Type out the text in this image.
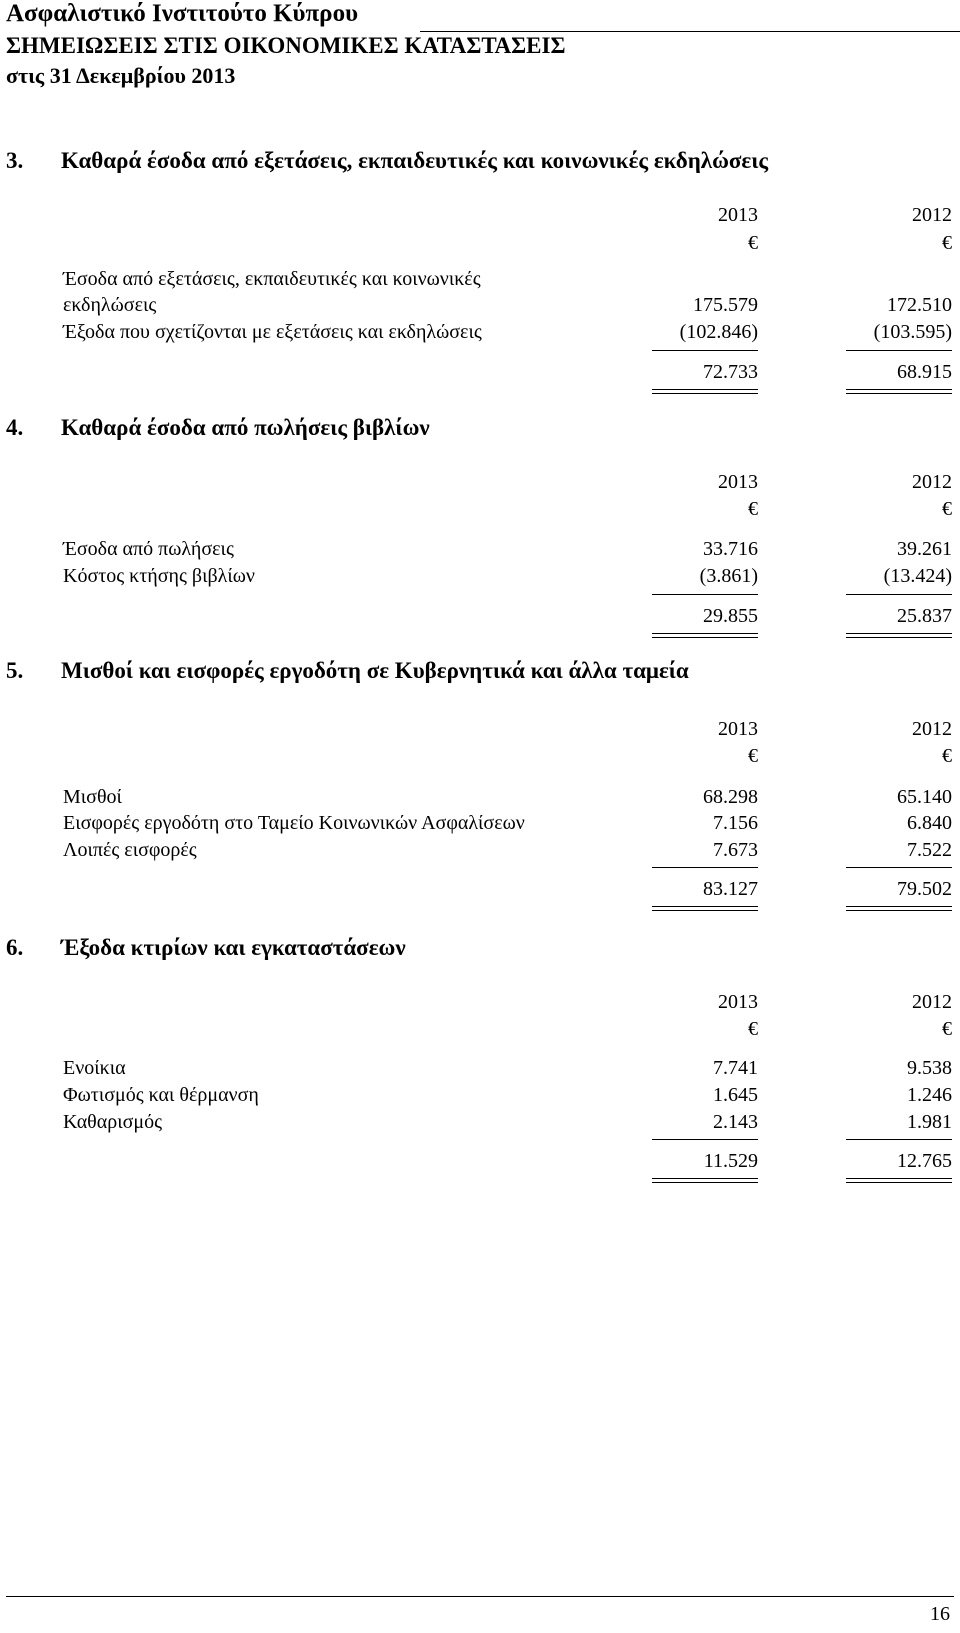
Ασφαλιστικό Ινστιτούτο Κύπρου
ΣΗΜΕΙΩΣΕΙΣ ΣΤΙΣ ΟΙΚΟΝΟΜΙΚΕΣ ΚΑΤΑΣΤΑΣΕΙΣ
στις 31 Δεκεμβρίου 2013
3. Καθαρά έσοδα από εξετάσεις, εκπαιδευτικές και κοινωνικές εκδηλώσεις
2013	2012
€	€
Έσοδα από εξετάσεις, εκπαιδευτικές και κοινωνικές
εκδηλώσεις	175.579	172.510
Έξοδα που σχετίζονται με εξετάσεις και εκδηλώσεις	(102.846)	(103.595)
72.733	68.915
4. Καθαρά έσοδα από πωλήσεις βιβλίων
2013	2012
€	€
Έσοδα από πωλήσεις	33.716	39.261
Κόστος κτήσης βιβλίων	(3.861)	(13.424)
29.855	25.837
5. Μισθοί και εισφορές εργοδότη σε Κυβερνητικά και άλλα ταμεία
2013	2012
€	€
Μισθοί	68.298	65.140
Εισφορές εργοδότη στο Ταμείο Κοινωνικών Ασφαλίσεων	7.156	6.840
Λοιπές εισφορές	7.673	7.522
83.127	79.502
6. Έξοδα κτιρίων και εγκαταστάσεων
2013	2012
€	€
Ενοίκια	7.741	9.538
Φωτισμός και θέρμανση	1.645	1.246
Καθαρισμός	2.143	1.981
11.529	12.765
16
